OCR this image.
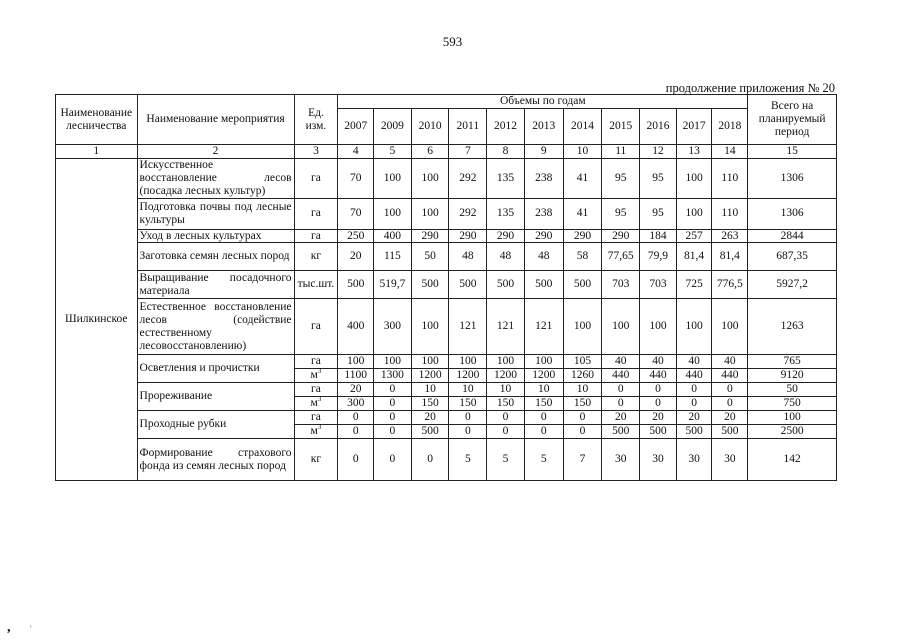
593
продолжение приложения № 20
Наименование лесничества	Наименование мероприятия	Ед. изм.	Объемы по годам											Всего на планируемый период
			2007	2009	2010	2011	2012	2013	2014	2015	2016	2017	2018	
1	2	3	4	5	6	7	8	9	10	11	12	13	14	15
Шилкинское	Искусственное восстановление лесов (посадка лесных культур)	га	70	100	100	292	135	238	41	95	95	100	110	1306
	Подготовка почвы под лесные культуры	га	70	100	100	292	135	238	41	95	95	100	110	1306
	Уход в лесных культурах	га	250	400	290	290	290	290	290	290	184	257	263	2844
	Заготовка семян лесных пород	кг	20	115	50	48	48	48	58	77,65	79,9	81,4	81,4	687,35
	Выращивание посадочного материала	тыс.шт.	500	519,7	500	500	500	500	500	703	703	725	776,5	5927,2
	Естественное восстановление лесов (содействие естественному лесовосстановлению)	га	400	300	100	121	121	121	100	100	100	100	100	1263
	Осветления и прочистки	га	100	100	100	100	100	100	105	40	40	40	40	765
		$м^3$	1100	1300	1200	1200	1200	1200	1260	440	440	440	440	9120
	Прореживание	га	20	0	10	10	10	10	10	0	0	0	0	50
		$м^3$	300	0	150	150	150	150	150	0	0	0	0	750
	Проходные рубки	га	0	0	20	0	0	0	0	20	20	20	20	100
		$м^3$	0	0	500	0	0	0	0	500	500	500	500	2500
	Формирование страхового фонда из семян лесных пород	кг	0	0	0	5	5	5	7	30	30	30	30	142
, '
